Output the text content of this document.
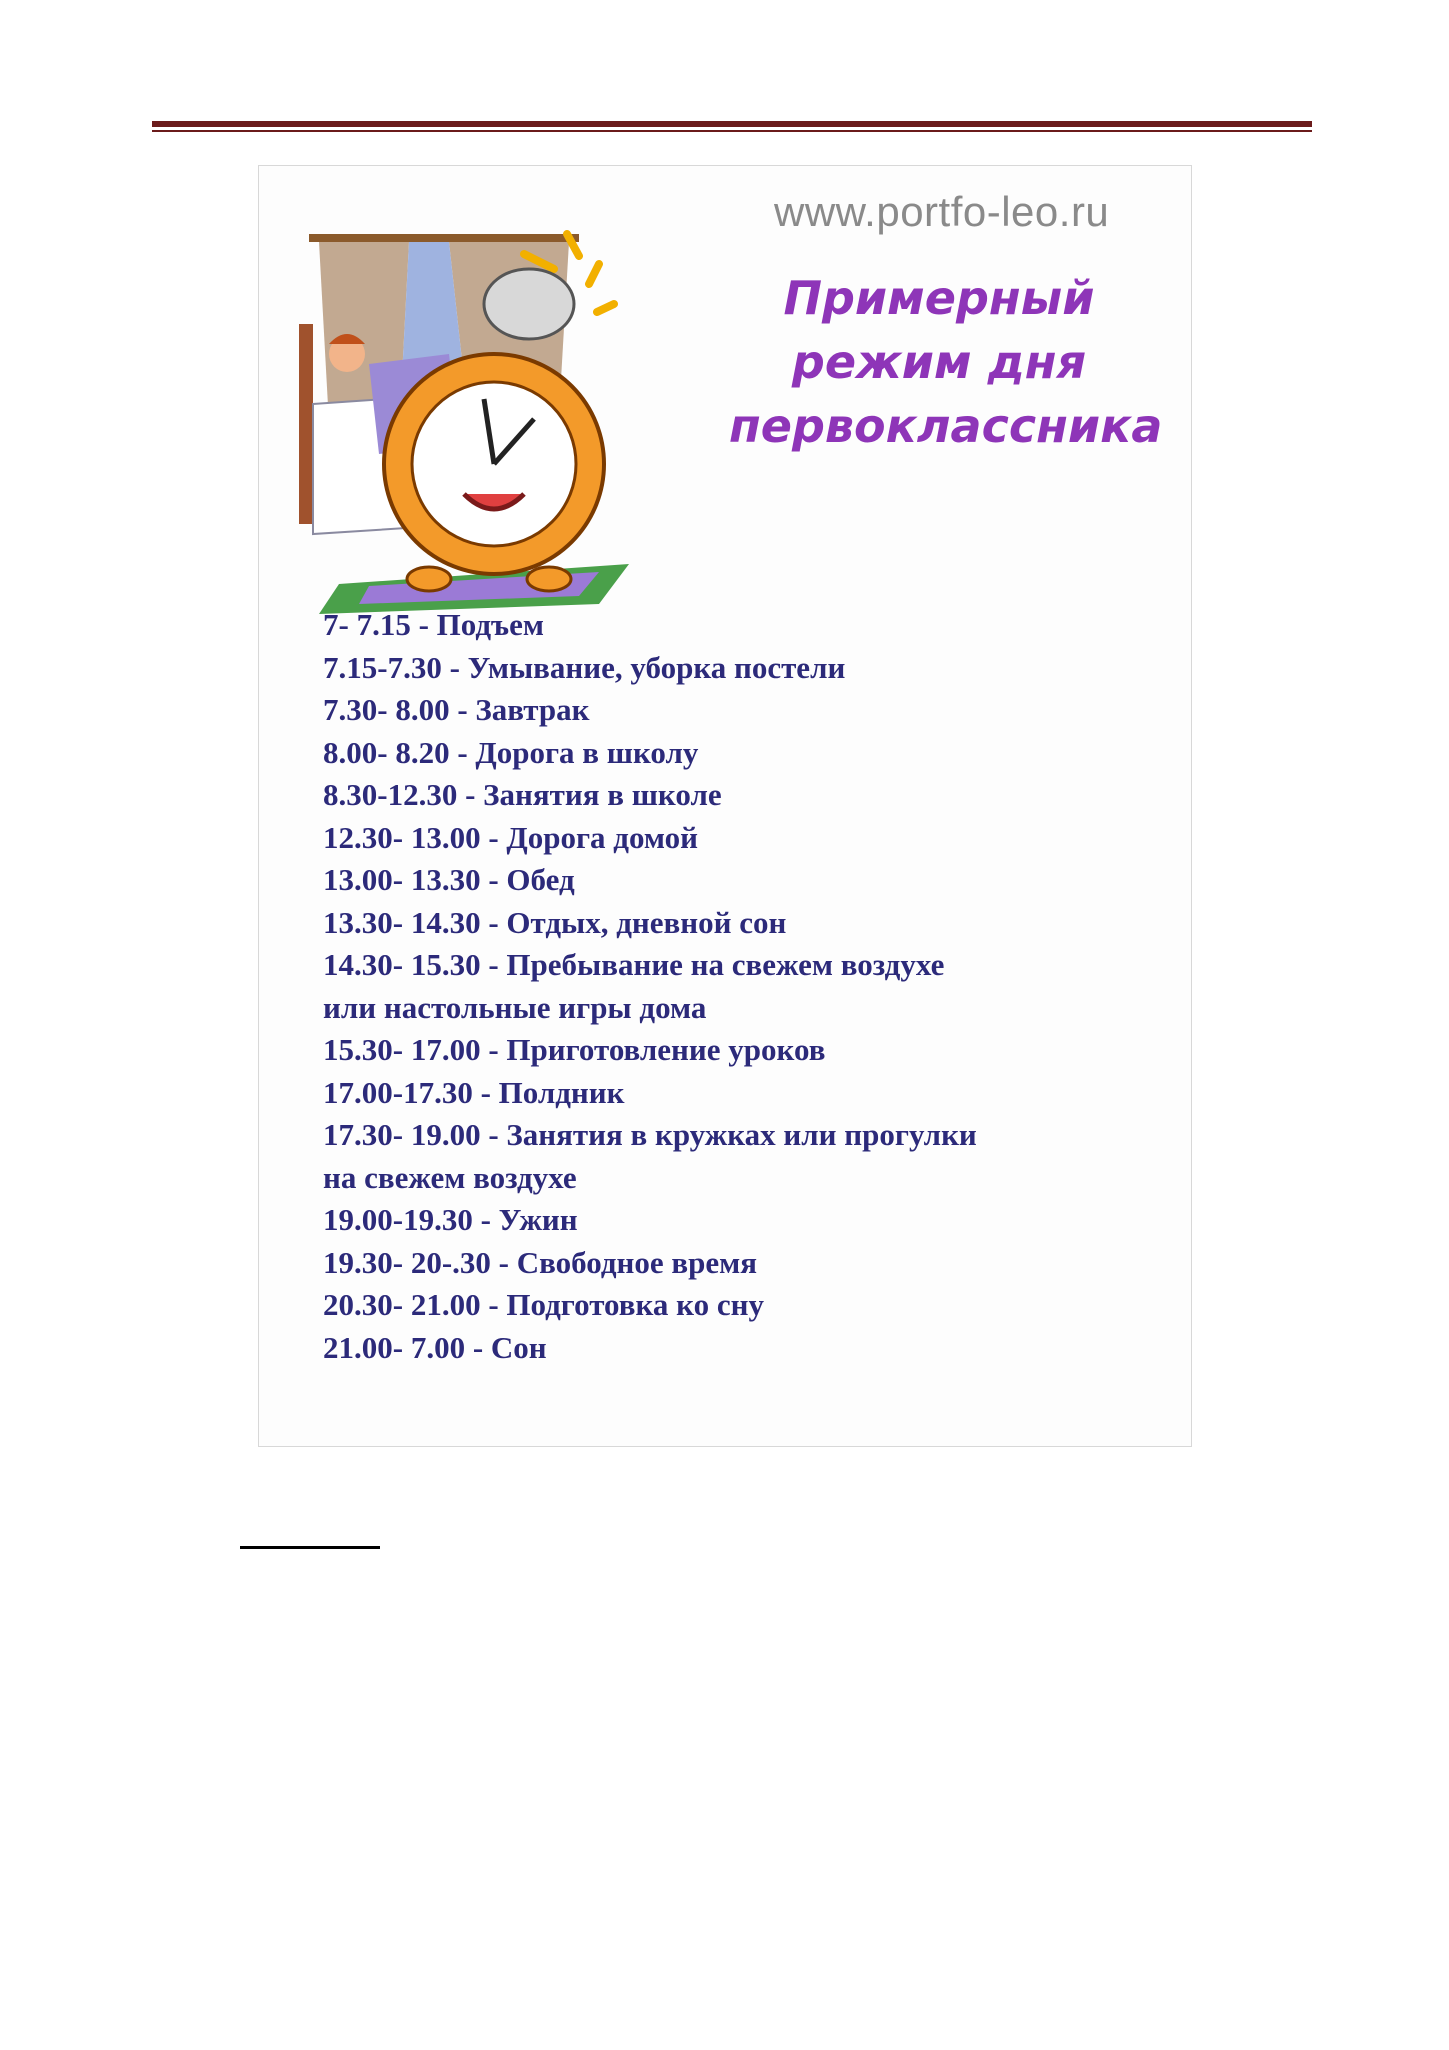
www.portfo-leo.ru
Примерный
режим дня
первоклассника
7- 7.15 - Подъем
7.15-7.30 - Умывание, уборка постели
7.30- 8.00 - Завтрак
8.00- 8.20 - Дорога в школу
8.30-12.30 - Занятия в школе
12.30- 13.00 - Дорога домой
13.00- 13.30 - Обед
13.30- 14.30 - Отдых, дневной сон
14.30- 15.30 - Пребывание на свежем воздухе
или настольные игры дома
15.30- 17.00 - Приготовление уроков
17.00-17.30 - Полдник
17.30- 19.00 - Занятия в кружках или прогулки
на свежем воздухе
19.00-19.30 - Ужин
19.30- 20-.30 - Свободное время
20.30- 21.00 - Подготовка ко сну
21.00- 7.00 - Сон
